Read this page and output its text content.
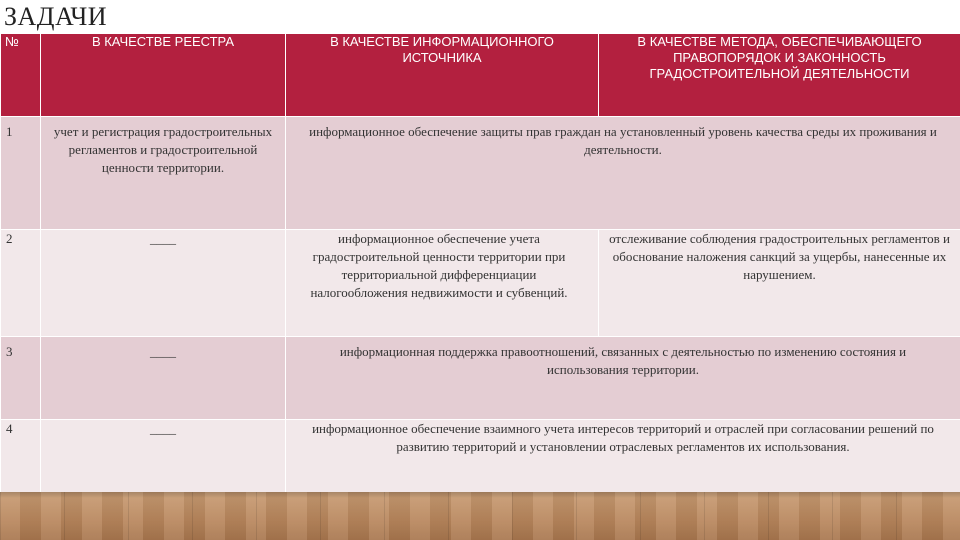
ЗАДАЧИ
№	В КАЧЕСТВЕ РЕЕСТРА	В КАЧЕСТВЕ ИНФОРМАЦИОННОГО ИСТОЧНИКА	В КАЧЕСТВЕ МЕТОДА, ОБЕСПЕЧИВАЮЩЕГО ПРАВОПОРЯДОК И ЗАКОННОСТЬ ГРАДОСТРОИТЕЛЬНОЙ ДЕЯТЕЛЬНОСТИ
1	учет и регистрация градостроительных регламентов и градостроительной ценности территории.	информационное обеспечение защиты прав граждан на установленный уровень качества среды их проживания и деятельности.	
2	____	информационное обеспечение учета градостроительной ценности территории при территориальной дифференциации налогообложения недвижимости и субвенций.	отслеживание соблюдения градостроительных регламентов и обоснование наложения санкций за ущербы, нанесенные их нарушением.
3	____	информационная поддержка правоотношений, связанных с деятельностью по изменению состояния и использования территории.	
4	____	информационное обеспечение взаимного учета интересов территорий и отраслей при согласовании решений по развитию территорий и установлении отраслевых регламентов их использования.	
